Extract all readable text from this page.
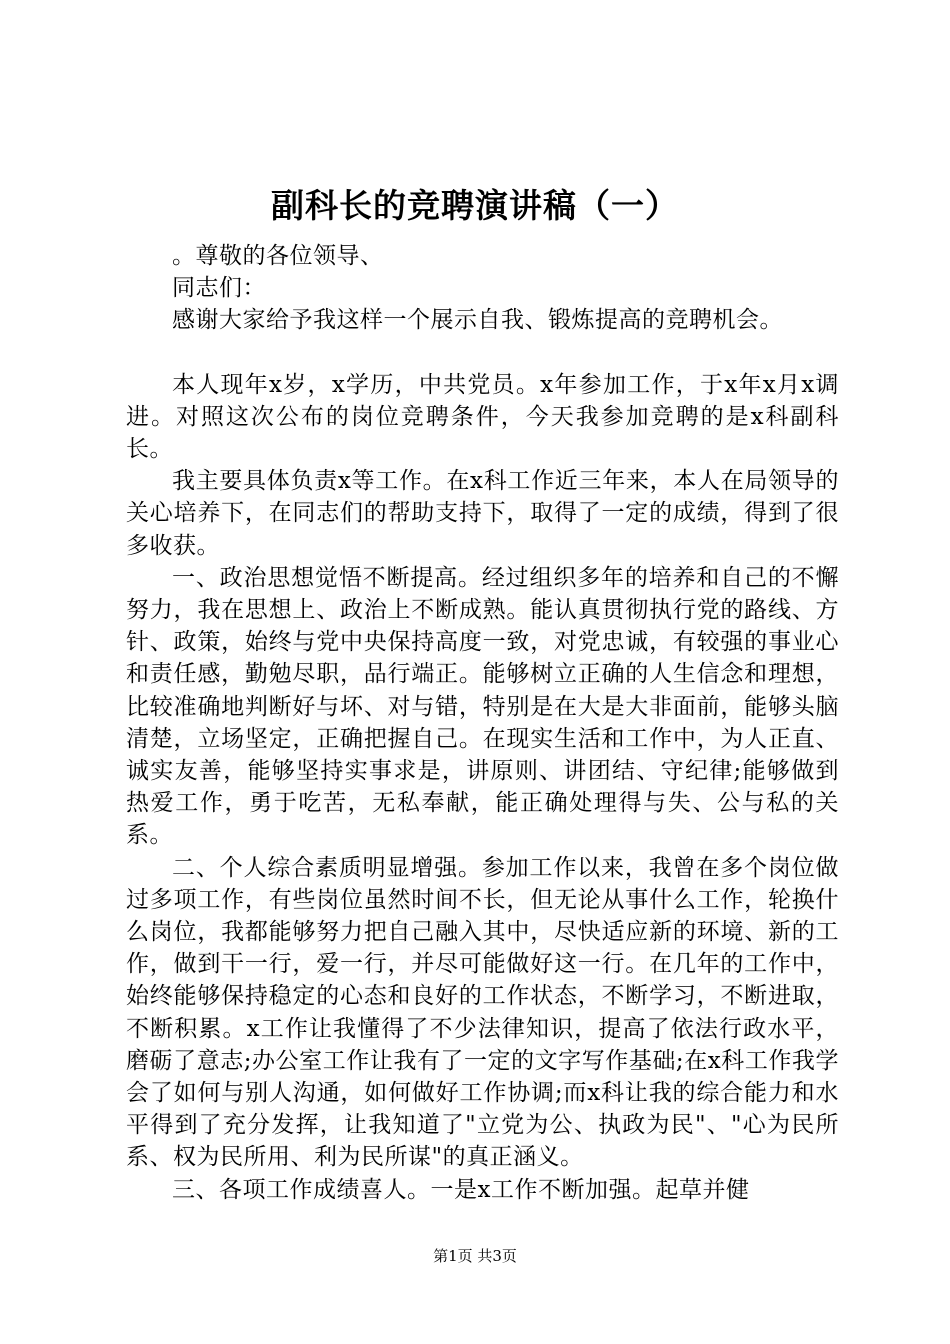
副科长的竞聘演讲稿（一）

。尊敬的各位领导、

同志们：

感谢大家给予我这样一个展示自我、锻炼提高的竞聘机会。

本人现年x岁，x学历，中共党员。x年参加工作，于x年x月x调进。对照这次公布的岗位竞聘条件，今天我参加竞聘的是x科副科长。

我主要具体负责x等工作。在x科工作近三年来，本人在局领导的关心培养下，在同志们的帮助支持下，取得了一定的成绩，得到了很多收获。

一、政治思想觉悟不断提高。经过组织多年的培养和自己的不懈努力，我在思想上、政治上不断成熟。能认真贯彻执行党的路线、方针、政策，始终与党中央保持高度一致，对党忠诚，有较强的事业心和责任感，勤勉尽职，品行端正。能够树立正确的人生信念和理想，比较准确地判断好与坏、对与错，特别是在大是大非面前，能够头脑清楚，立场坚定，正确把握自己。在现实生活和工作中，为人正直、诚实友善，能够坚持实事求是，讲原则、讲团结、守纪律;能够做到热爱工作，勇于吃苦，无私奉献，能正确处理得与失、公与私的关系。

二、个人综合素质明显增强。参加工作以来，我曾在多个岗位做过多项工作，有些岗位虽然时间不长，但无论从事什么工作，轮换什么岗位，我都能够努力把自己融入其中，尽快适应新的环境、新的工作，做到干一行，爱一行，并尽可能做好这一行。在几年的工作中，始终能够保持稳定的心态和良好的工作状态，不断学习，不断进取，不断积累。x工作让我懂得了不少法律知识，提高了依法行政水平，磨砺了意志;办公室工作让我有了一定的文字写作基础;在x科工作我学会了如何与别人沟通，如何做好工作协调;而x科让我的综合能力和水平得到了充分发挥，让我知道了"立党为公、执政为民"、"心为民所系、权为民所用、利为民所谋"的真正涵义。

三、各项工作成绩喜人。一是x工作不断加强。起草并健

第1页 共3页
